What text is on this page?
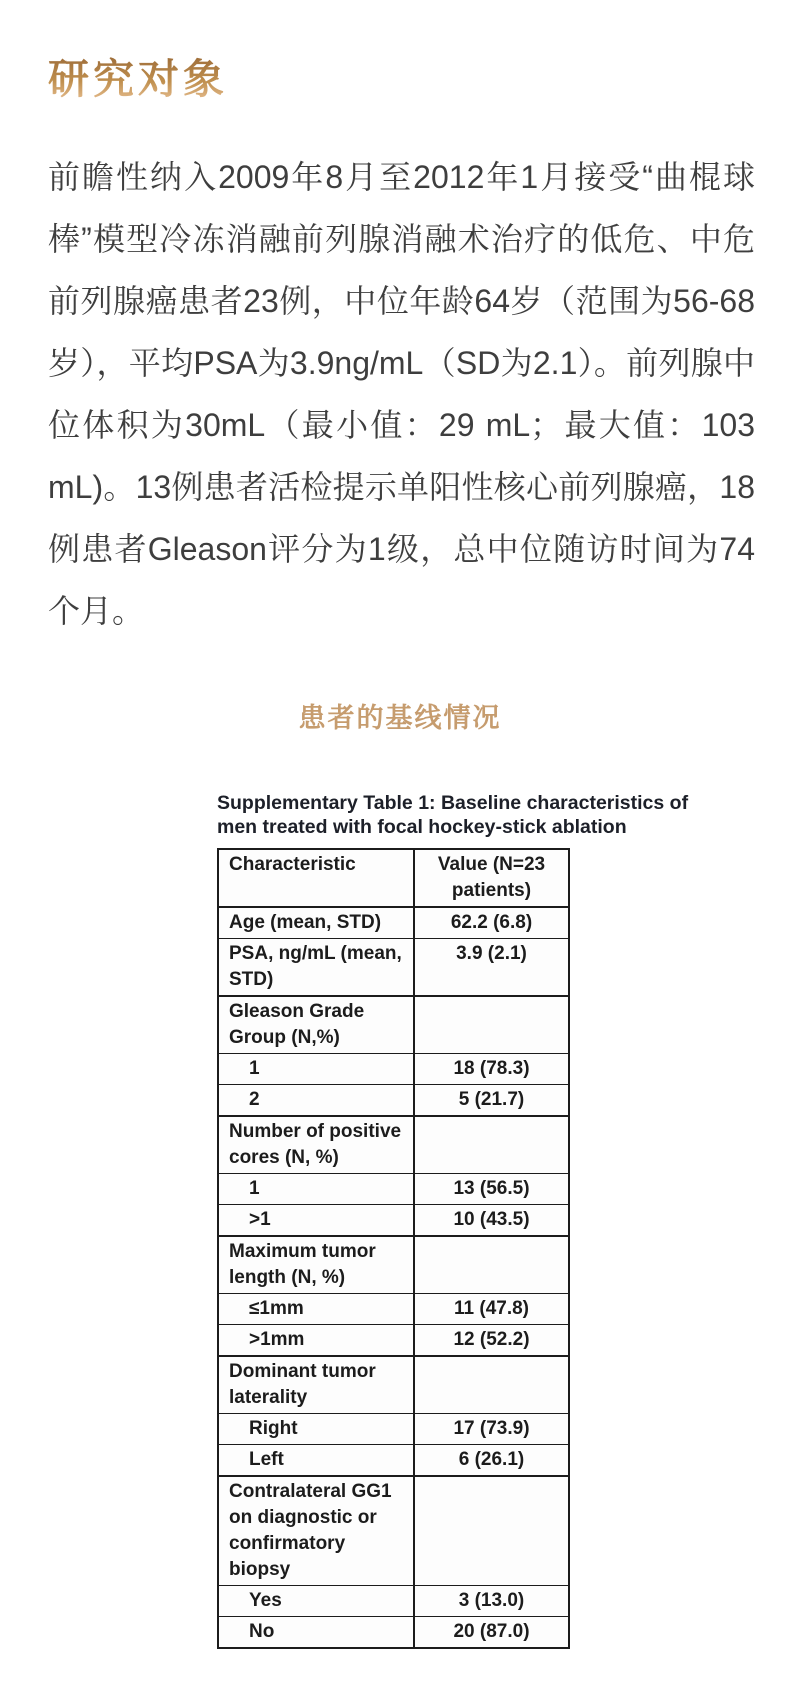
研究对象

前瞻性纳入2009年8月至2012年1月接受“曲棍球棒”模型冷冻消融前列腺消融术治疗的低危、中危前列腺癌患者23例，中位年龄64岁（范围为56-68岁），平均PSA为3.9ng/mL（SD为2.1）。前列腺中位体积为30mL（最小值：29 mL；最大值：103 mL)。13例患者活检提示单阳性核心前列腺癌，18例患者Gleason评分为1级，总中位随访时间为74个月。

患者的基线情况
Supplementary Table 1: Baseline characteristics of
men treated with focal hockey-stick ablation
Characteristic	Value (N=23 patients)
Age (mean, STD)	62.2 (6.8)
PSA, ng/mL (mean, STD)	3.9 (2.1)
Gleason Grade Group (N,%)	
1	18 (78.3)
2	5 (21.7)
Number of positive cores (N, %)	
1	13 (56.5)
>1	10 (43.5)
Maximum tumor length (N, %)	
≤1mm	11 (47.8)
>1mm	12 (52.2)
Dominant tumor laterality	
Right	17 (73.9)
Left	6 (26.1)
Contralateral GG1 on diagnostic or confirmatory biopsy	
Yes	3 (13.0)
No	20 (87.0)
